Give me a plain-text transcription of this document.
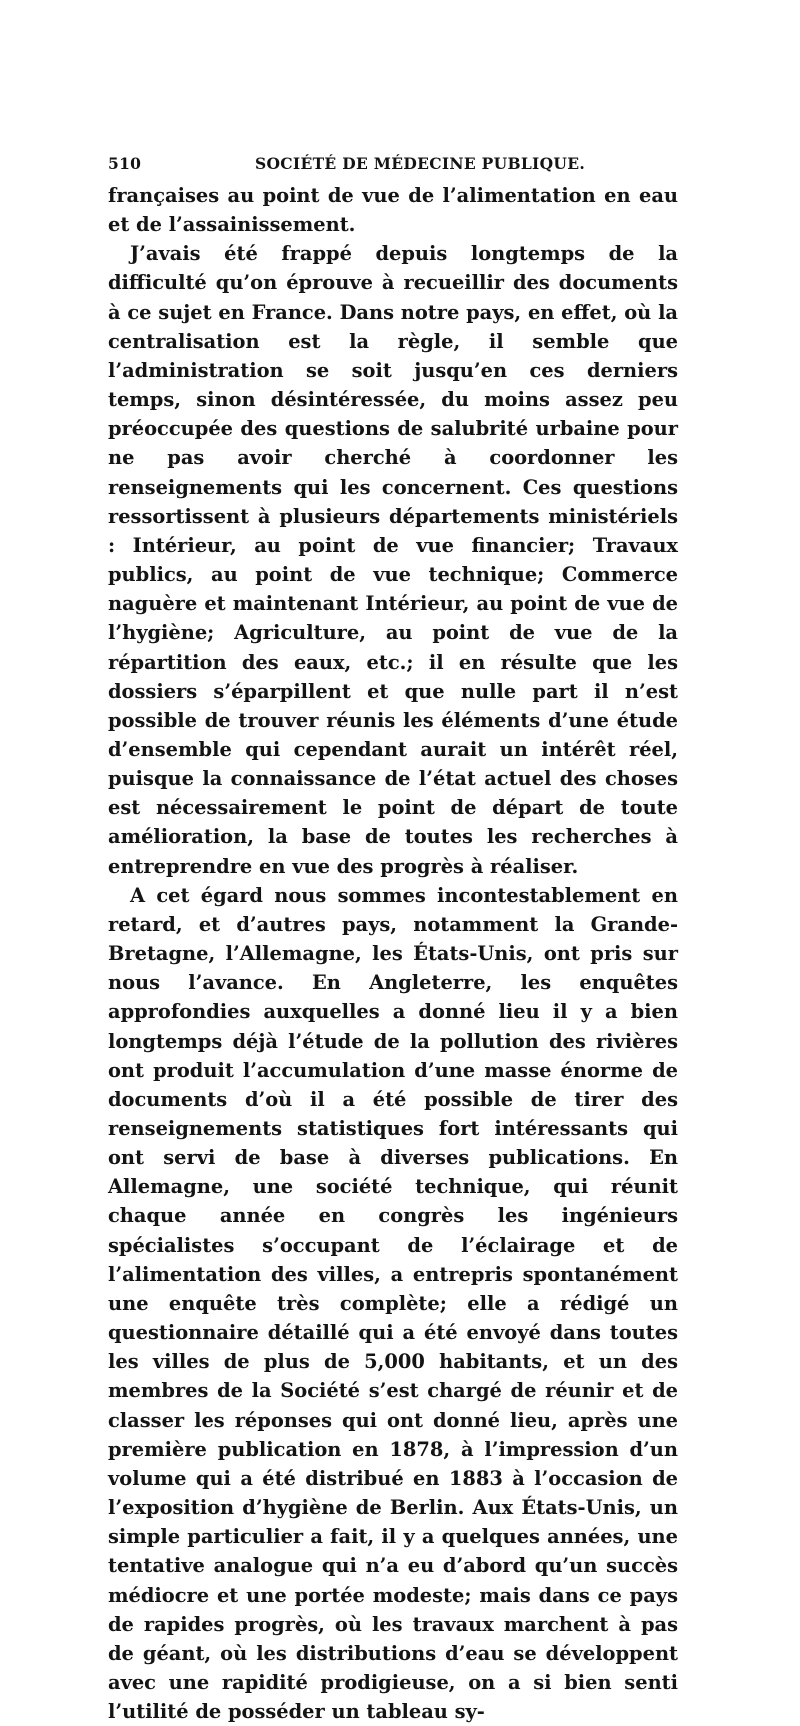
510	SOCIÉTÉ DE MÉDECINE PUBLIQUE.

françaises au point de vue de l’alimentation en eau et de l’assainissement.

J’avais été frappé depuis longtemps de la difficulté qu’on éprouve à recueillir des documents à ce sujet en France. Dans notre pays, en effet, où la centralisation est la règle, il semble que l’administration se soit jusqu’en ces derniers temps, sinon désintéressée, du moins assez peu préoccupée des questions de salubrité urbaine pour ne pas avoir cherché à coordonner les renseignements qui les concernent. Ces questions ressortissent à plusieurs départements ministériels : Intérieur, au point de vue financier; Travaux publics, au point de vue technique; Commerce naguère et maintenant Intérieur, au point de vue de l’hygiène; Agriculture, au point de vue de la répartition des eaux, etc.; il en résulte que les dossiers s’éparpillent et que nulle part il n’est possible de trouver réunis les éléments d’une étude d’ensemble qui cependant aurait un intérêt réel, puisque la connaissance de l’état actuel des choses est nécessairement le point de départ de toute amélioration, la base de toutes les recherches à entreprendre en vue des progrès à réaliser.

A cet égard nous sommes incontestablement en retard, et d’autres pays, notamment la Grande-Bretagne, l’Allemagne, les États-Unis, ont pris sur nous l’avance. En Angleterre, les enquêtes approfondies auxquelles a donné lieu il y a bien longtemps déjà l’étude de la pollution des rivières ont produit l’accumulation d’une masse énorme de documents d’où il a été possible de tirer des renseignements statistiques fort intéressants qui ont servi de base à diverses publications. En Allemagne, une société technique, qui réunit chaque année en congrès les ingénieurs spécialistes s’occupant de l’éclairage et de l’alimentation des villes, a entrepris spontanément une enquête très complète; elle a rédigé un questionnaire détaillé qui a été envoyé dans toutes les villes de plus de 5,000 habitants, et un des membres de la Société s’est chargé de réunir et de classer les réponses qui ont donné lieu, après une première publication en 1878, à l’impression d’un volume qui a été distribué en 1883 à l’occasion de l’exposition d’hygiène de Berlin. Aux États-Unis, un simple particulier a fait, il y a quelques années, une tentative analogue qui n’a eu d’abord qu’un succès médiocre et une portée modeste; mais dans ce pays de rapides progrès, où les travaux marchent à pas de géant, où les distributions d’eau se développent avec une rapidité prodigieuse, on a si bien senti l’utilité de posséder un tableau sy-
